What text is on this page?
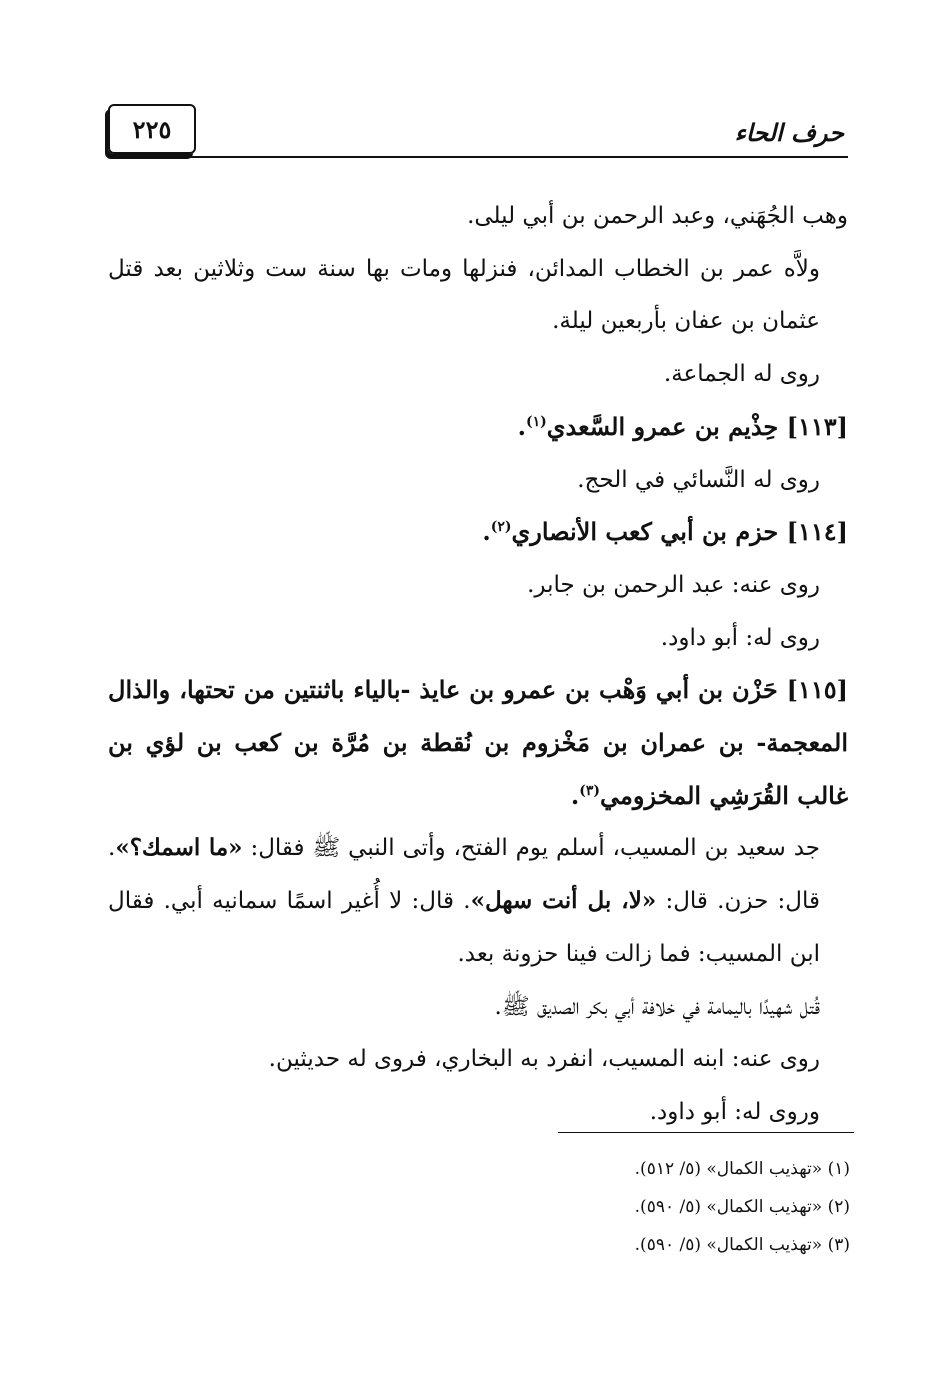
٢٢٥	حرف الحاء

وهب الجُهَني، وعبد الرحمن بن أبي ليلى.

ولاَّه عمر بن الخطاب المدائن، فنزلها ومات بها سنة ست وثلاثين بعد قتل عثمان بن عفان بأربعين ليلة.

روى له الجماعة.

[١١٣] حِذْيم بن عمرو السَّعدي$^{(١)}$.

روى له النَّسائي في الحج.

[١١٤] حزم بن أبي كعب الأنصاري$^{(٢)}$.

روى عنه: عبد الرحمن بن جابر.

روى له: أبو داود.

[١١٥] حَزْن بن أبي وَهْب بن عمرو بن عايذ -بالياء باثنتين من تحتها، والذال المعجمة- بن عمران بن مَخْزوم بن نُقطة بن مُرَّة بن كعب بن لؤي بن غالب القُرَشِي المخزومي$^{(٣)}$.

جد سعيد بن المسيب، أسلم يوم الفتح، وأتى النبي ﷺ فقال: «ما اسمك؟». قال: حزن. قال: «لا، بل أنت سهل». قال: لا أُغير اسمًا سمانيه أبي. فقال ابن المسيب: فما زالت فينا حزونة بعد.

قُتل شهيدًا باليمامة في خلافة أبي بكر الصديق ﷺ.

روى عنه: ابنه المسيب، انفرد به البخاري، فروى له حديثين.

وروى له: أبو داود.

(١) «تهذيب الكمال» (٥/ ٥١٢).

(٢) «تهذيب الكمال» (٥/ ٥٩٠).

(٣) «تهذيب الكمال» (٥/ ٥٩٠).
